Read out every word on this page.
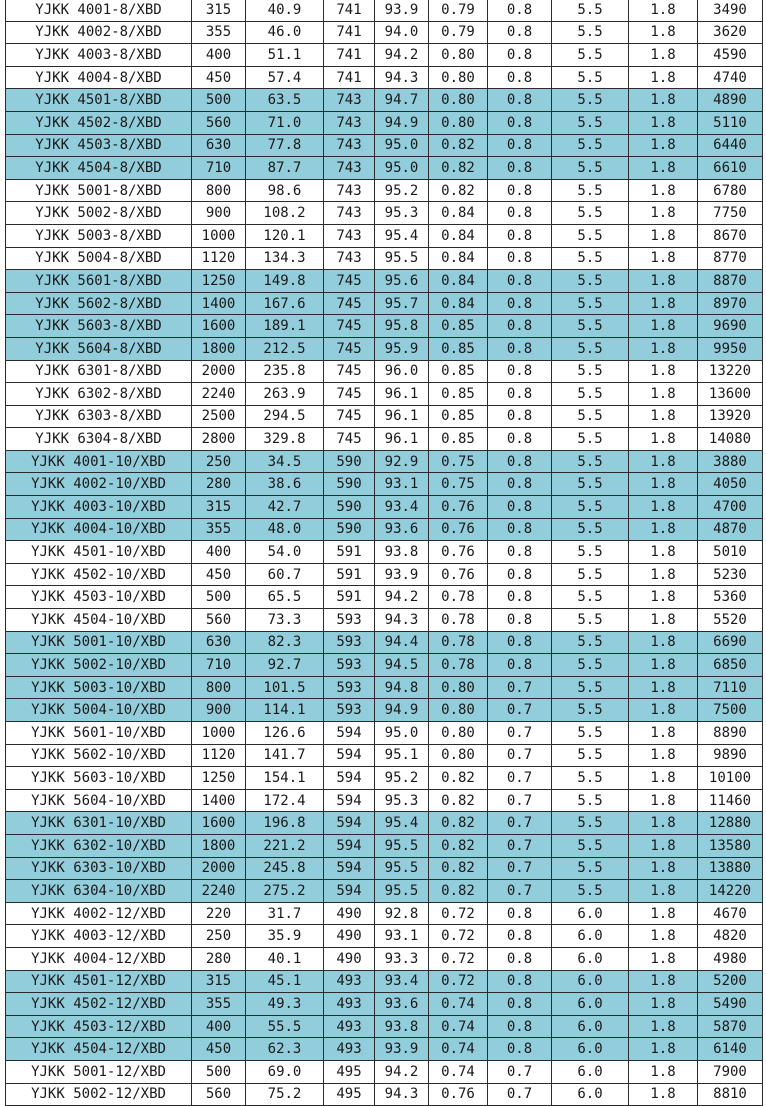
YJKK 4001-8/XBD	315	40.9	741	93.9	0.79	0.8	5.5	1.8	3490
YJKK 4002-8/XBD	355	46.0	741	94.0	0.79	0.8	5.5	1.8	3620
YJKK 4003-8/XBD	400	51.1	741	94.2	0.80	0.8	5.5	1.8	4590
YJKK 4004-8/XBD	450	57.4	741	94.3	0.80	0.8	5.5	1.8	4740
YJKK 4501-8/XBD	500	63.5	743	94.7	0.80	0.8	5.5	1.8	4890
YJKK 4502-8/XBD	560	71.0	743	94.9	0.80	0.8	5.5	1.8	5110
YJKK 4503-8/XBD	630	77.8	743	95.0	0.82	0.8	5.5	1.8	6440
YJKK 4504-8/XBD	710	87.7	743	95.0	0.82	0.8	5.5	1.8	6610
YJKK 5001-8/XBD	800	98.6	743	95.2	0.82	0.8	5.5	1.8	6780
YJKK 5002-8/XBD	900	108.2	743	95.3	0.84	0.8	5.5	1.8	7750
YJKK 5003-8/XBD	1000	120.1	743	95.4	0.84	0.8	5.5	1.8	8670
YJKK 5004-8/XBD	1120	134.3	743	95.5	0.84	0.8	5.5	1.8	8770
YJKK 5601-8/XBD	1250	149.8	745	95.6	0.84	0.8	5.5	1.8	8870
YJKK 5602-8/XBD	1400	167.6	745	95.7	0.84	0.8	5.5	1.8	8970
YJKK 5603-8/XBD	1600	189.1	745	95.8	0.85	0.8	5.5	1.8	9690
YJKK 5604-8/XBD	1800	212.5	745	95.9	0.85	0.8	5.5	1.8	9950
YJKK 6301-8/XBD	2000	235.8	745	96.0	0.85	0.8	5.5	1.8	13220
YJKK 6302-8/XBD	2240	263.9	745	96.1	0.85	0.8	5.5	1.8	13600
YJKK 6303-8/XBD	2500	294.5	745	96.1	0.85	0.8	5.5	1.8	13920
YJKK 6304-8/XBD	2800	329.8	745	96.1	0.85	0.8	5.5	1.8	14080
YJKK 4001-10/XBD	250	34.5	590	92.9	0.75	0.8	5.5	1.8	3880
YJKK 4002-10/XBD	280	38.6	590	93.1	0.75	0.8	5.5	1.8	4050
YJKK 4003-10/XBD	315	42.7	590	93.4	0.76	0.8	5.5	1.8	4700
YJKK 4004-10/XBD	355	48.0	590	93.6	0.76	0.8	5.5	1.8	4870
YJKK 4501-10/XBD	400	54.0	591	93.8	0.76	0.8	5.5	1.8	5010
YJKK 4502-10/XBD	450	60.7	591	93.9	0.76	0.8	5.5	1.8	5230
YJKK 4503-10/XBD	500	65.5	591	94.2	0.78	0.8	5.5	1.8	5360
YJKK 4504-10/XBD	560	73.3	593	94.3	0.78	0.8	5.5	1.8	5520
YJKK 5001-10/XBD	630	82.3	593	94.4	0.78	0.8	5.5	1.8	6690
YJKK 5002-10/XBD	710	92.7	593	94.5	0.78	0.8	5.5	1.8	6850
YJKK 5003-10/XBD	800	101.5	593	94.8	0.80	0.7	5.5	1.8	7110
YJKK 5004-10/XBD	900	114.1	593	94.9	0.80	0.7	5.5	1.8	7500
YJKK 5601-10/XBD	1000	126.6	594	95.0	0.80	0.7	5.5	1.8	8890
YJKK 5602-10/XBD	1120	141.7	594	95.1	0.80	0.7	5.5	1.8	9890
YJKK 5603-10/XBD	1250	154.1	594	95.2	0.82	0.7	5.5	1.8	10100
YJKK 5604-10/XBD	1400	172.4	594	95.3	0.82	0.7	5.5	1.8	11460
YJKK 6301-10/XBD	1600	196.8	594	95.4	0.82	0.7	5.5	1.8	12880
YJKK 6302-10/XBD	1800	221.2	594	95.5	0.82	0.7	5.5	1.8	13580
YJKK 6303-10/XBD	2000	245.8	594	95.5	0.82	0.7	5.5	1.8	13880
YJKK 6304-10/XBD	2240	275.2	594	95.5	0.82	0.7	5.5	1.8	14220
YJKK 4002-12/XBD	220	31.7	490	92.8	0.72	0.8	6.0	1.8	4670
YJKK 4003-12/XBD	250	35.9	490	93.1	0.72	0.8	6.0	1.8	4820
YJKK 4004-12/XBD	280	40.1	490	93.3	0.72	0.8	6.0	1.8	4980
YJKK 4501-12/XBD	315	45.1	493	93.4	0.72	0.8	6.0	1.8	5200
YJKK 4502-12/XBD	355	49.3	493	93.6	0.74	0.8	6.0	1.8	5490
YJKK 4503-12/XBD	400	55.5	493	93.8	0.74	0.8	6.0	1.8	5870
YJKK 4504-12/XBD	450	62.3	493	93.9	0.74	0.8	6.0	1.8	6140
YJKK 5001-12/XBD	500	69.0	495	94.2	0.74	0.7	6.0	1.8	7900
YJKK 5002-12/XBD	560	75.2	495	94.3	0.76	0.7	6.0	1.8	8810
